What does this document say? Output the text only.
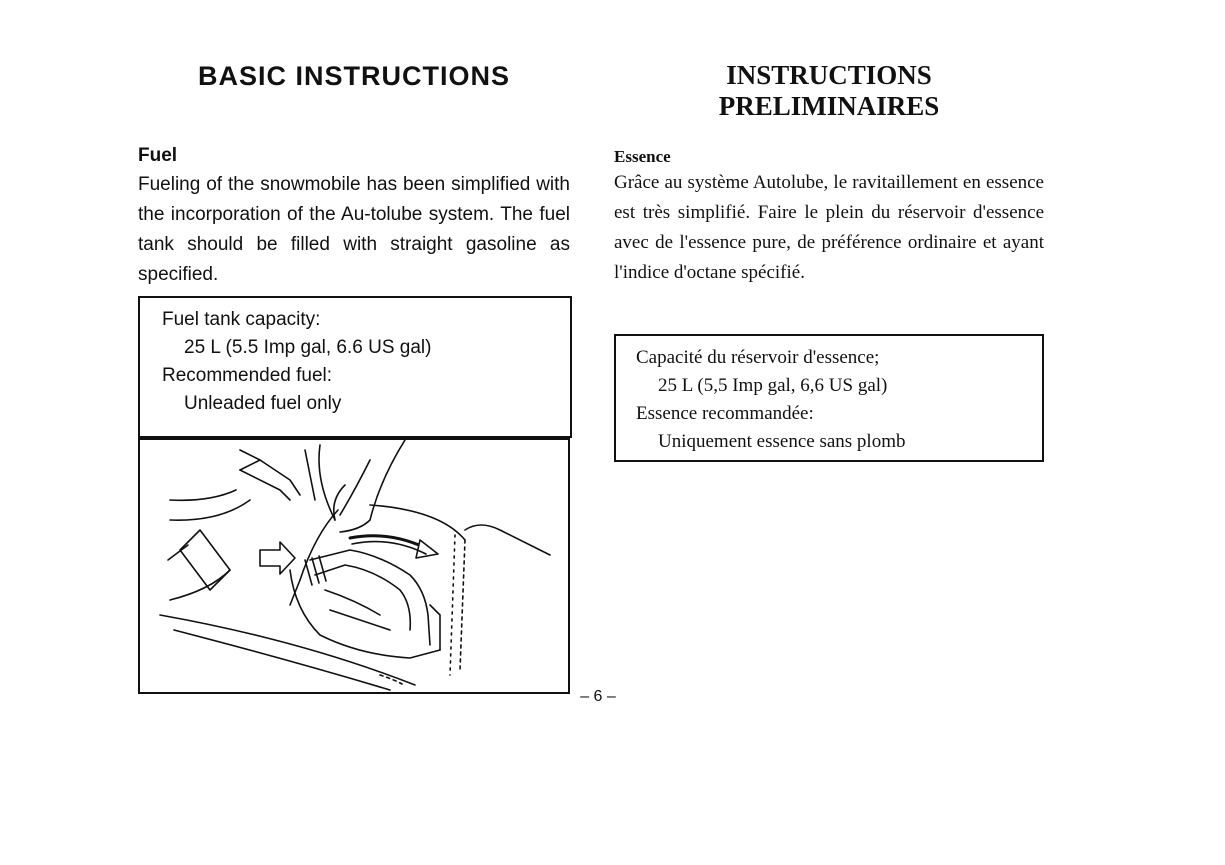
BASIC INSTRUCTIONS
Fuel

Fueling of the snowmobile has been simplified with the incorporation of the Au-tolube system. The fuel tank should be filled with straight gasoline as specified.

Fuel tank capacity:
25 L (5.5 Imp gal, 6.6 US gal)
Recommended fuel:
Unleaded fuel only
INSTRUCTIONS
PRELIMINAIRES
Essence

Grâce au système Autolube, le ravitaillement en essence est très simplifié. Faire le plein du réservoir d'essence avec de l'essence pure, de préférence ordinaire et ayant l'indice d'octane spécifié.

Capacité du réservoir d'essence;
25 L (5,5 Imp gal, 6,6 US gal)
Essence recommandée:
Uniquement essence sans plomb
– 6 –
